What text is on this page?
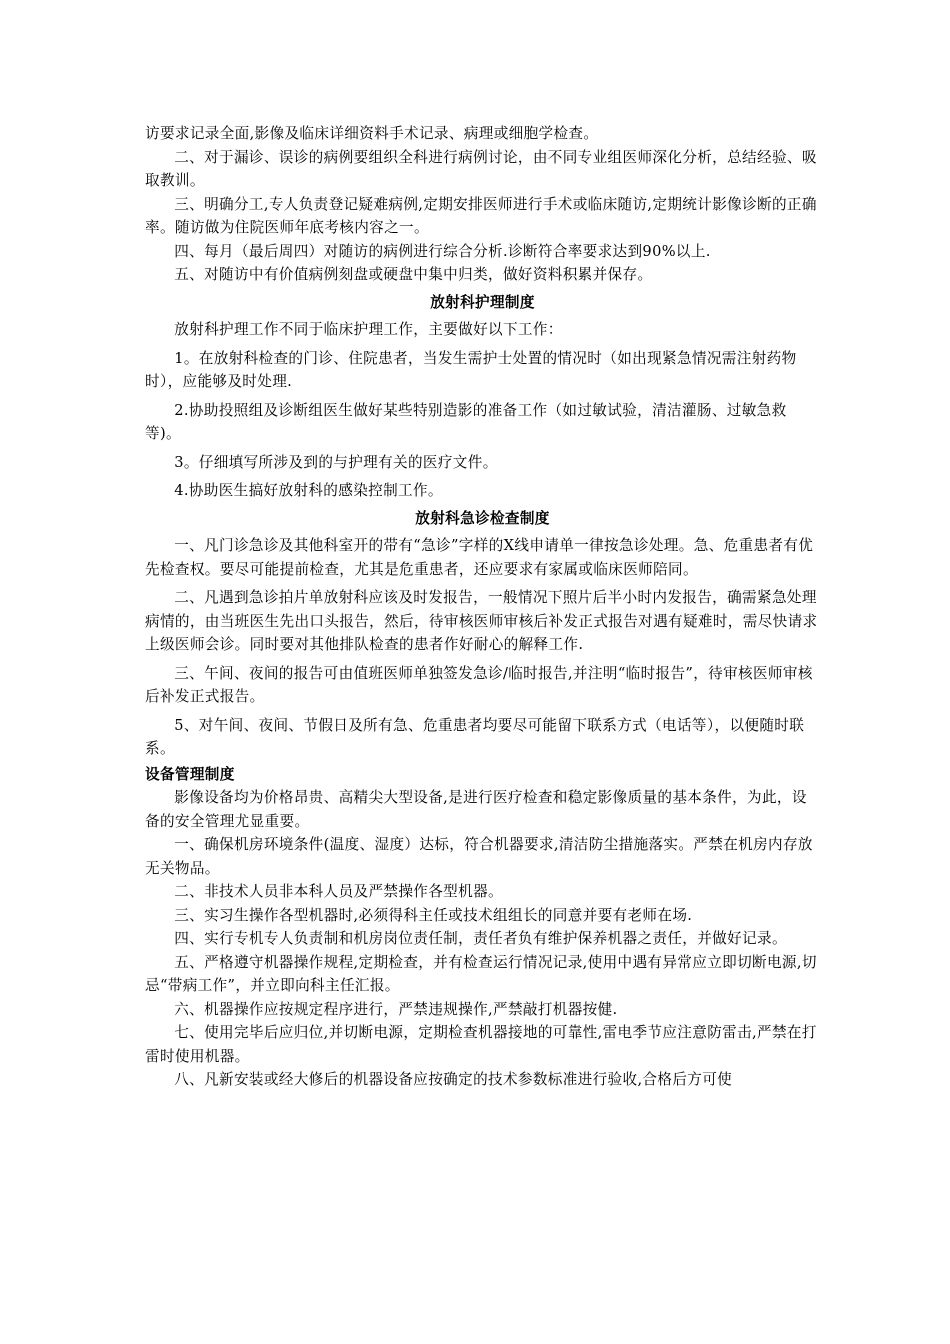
访要求记录全面,影像及临床详细资料手术记录、病理或细胞学检查。

二、对于漏诊、误诊的病例要组织全科进行病例讨论，由不同专业组医师深化分析，总结经验、吸取教训。

三、明确分工,专人负责登记疑难病例,定期安排医师进行手术或临床随访,定期统计影像诊断的正确率。随访做为住院医师年底考核内容之一。

四、每月（最后周四）对随访的病例进行综合分析.诊断符合率要求达到90%以上.

五、对随访中有价值病例刻盘或硬盘中集中归类，做好资料积累并保存。

放射科护理制度

放射科护理工作不同于临床护理工作，主要做好以下工作：

1。在放射科检查的门诊、住院患者，当发生需护士处置的情况时（如出现紧急情况需注射药物时），应能够及时处理.

2.协助投照组及诊断组医生做好某些特别造影的准备工作（如过敏试验，清洁灌肠、过敏急救等)。

3。仔细填写所涉及到的与护理有关的医疗文件。

4.协助医生搞好放射科的感染控制工作。

放射科急诊检查制度

一、凡门诊急诊及其他科室开的带有“急诊”字样的X线申请单一律按急诊处理。急、危重患者有优先检查权。要尽可能提前检查，尤其是危重患者，还应要求有家属或临床医师陪同。

二、凡遇到急诊拍片单放射科应该及时发报告，一般情况下照片后半小时内发报告，确需紧急处理病情的，由当班医生先出口头报告，然后，待审核医师审核后补发正式报告对遇有疑难时，需尽快请求上级医师会诊。同时要对其他排队检查的患者作好耐心的解释工作.

三、午间、夜间的报告可由值班医师单独签发急诊/临时报告,并注明“临时报告”，待审核医师审核后补发正式报告。

5、对午间、夜间、节假日及所有急、危重患者均要尽可能留下联系方式（电话等），以便随时联系。

设备管理制度

影像设备均为价格昂贵、高精尖大型设备,是进行医疗检查和稳定影像质量的基本条件，为此，设备的安全管理尤显重要。

一、确保机房环境条件(温度、湿度）达标，符合机器要求,清洁防尘措施落实。严禁在机房内存放无关物品。

二、非技术人员非本科人员及严禁操作各型机器。

三、实习生操作各型机器时,必须得科主任或技术组组长的同意并要有老师在场.

四、实行专机专人负责制和机房岗位责任制，责任者负有维护保养机器之责任，并做好记录。

五、严格遵守机器操作规程,定期检查，并有检查运行情况记录,使用中遇有异常应立即切断电源,切忌“带病工作”，并立即向科主任汇报。

六、机器操作应按规定程序进行，严禁违规操作,严禁敲打机器按健.

七、使用完毕后应归位,并切断电源，定期检查机器接地的可靠性,雷电季节应注意防雷击,严禁在打雷时使用机器。

八、凡新安装或经大修后的机器设备应按确定的技术参数标准进行验收,合格后方可使
